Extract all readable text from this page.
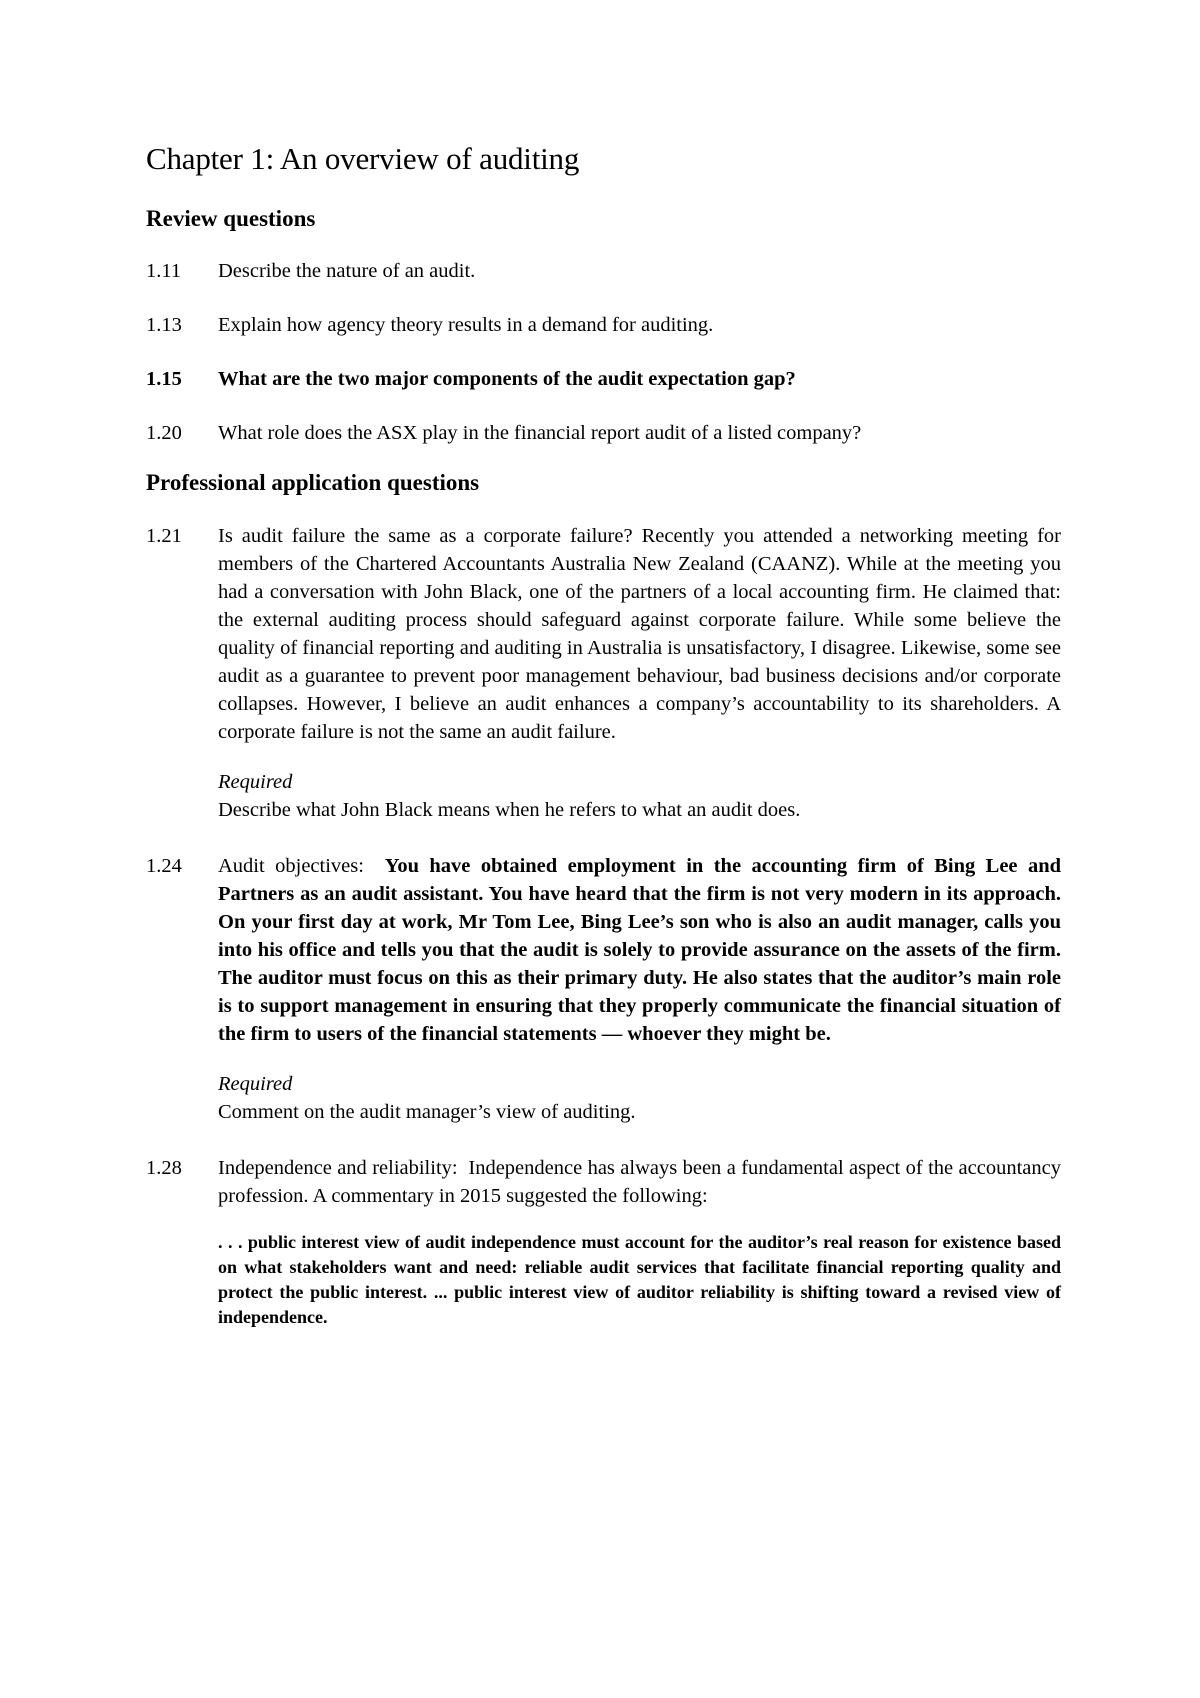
Chapter 1: An overview of auditing
Review questions
1.11	Describe the nature of an audit.
1.13	Explain how agency theory results in a demand for auditing.
1.15	What are the two major components of the audit expectation gap?
1.20	What role does the ASX play in the financial report audit of a listed company?
Professional application questions
1.21	Is audit failure the same as a corporate failure? Recently you attended a networking meeting for members of the Chartered Accountants Australia New Zealand (CAANZ). While at the meeting you had a conversation with John Black, one of the partners of a local accounting firm. He claimed that: the external auditing process should safeguard against corporate failure. While some believe the quality of financial reporting and auditing in Australia is unsatisfactory, I disagree. Likewise, some see audit as a guarantee to prevent poor management behaviour, bad business decisions and/or corporate collapses. However, I believe an audit enhances a company’s accountability to its shareholders. A corporate failure is not the same an audit failure.
Required
Describe what John Black means when he refers to what an audit does.
1.24	Audit objectives:  You have obtained employment in the accounting firm of Bing Lee and Partners as an audit assistant. You have heard that the firm is not very modern in its approach. On your first day at work, Mr Tom Lee, Bing Lee’s son who is also an audit manager, calls you into his office and tells you that the audit is solely to provide assurance on the assets of the firm. The auditor must focus on this as their primary duty. He also states that the auditor’s main role is to support management in ensuring that they properly communicate the financial situation of the firm to users of the financial statements — whoever they might be.
Required
Comment on the audit manager’s view of auditing.
1.28	Independence and reliability:  Independence has always been a fundamental aspect of the accountancy profession. A commentary in 2015 suggested the following:
. . . public interest view of audit independence must account for the auditor’s real reason for existence based on what stakeholders want and need: reliable audit services that facilitate financial reporting quality and protect the public interest. ... public interest view of auditor reliability is shifting toward a revised view of independence.
